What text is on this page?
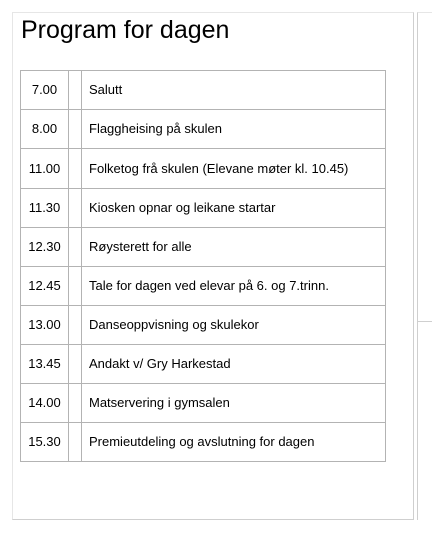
Program for dagen
7.00		Salutt
8.00		Flaggheising på skulen
11.00		Folketog frå skulen (Elevane møter kl. 10.45)
11.30		Kiosken opnar og leikane startar
12.30		Røysterett for alle
12.45		Tale for dagen ved elevar på 6. og 7.trinn.
13.00		Danseoppvisning og skulekor
13.45		Andakt v/ Gry Harkestad
14.00		Matservering i gymsalen
15.30		Premieutdeling og avslutning for dagen
